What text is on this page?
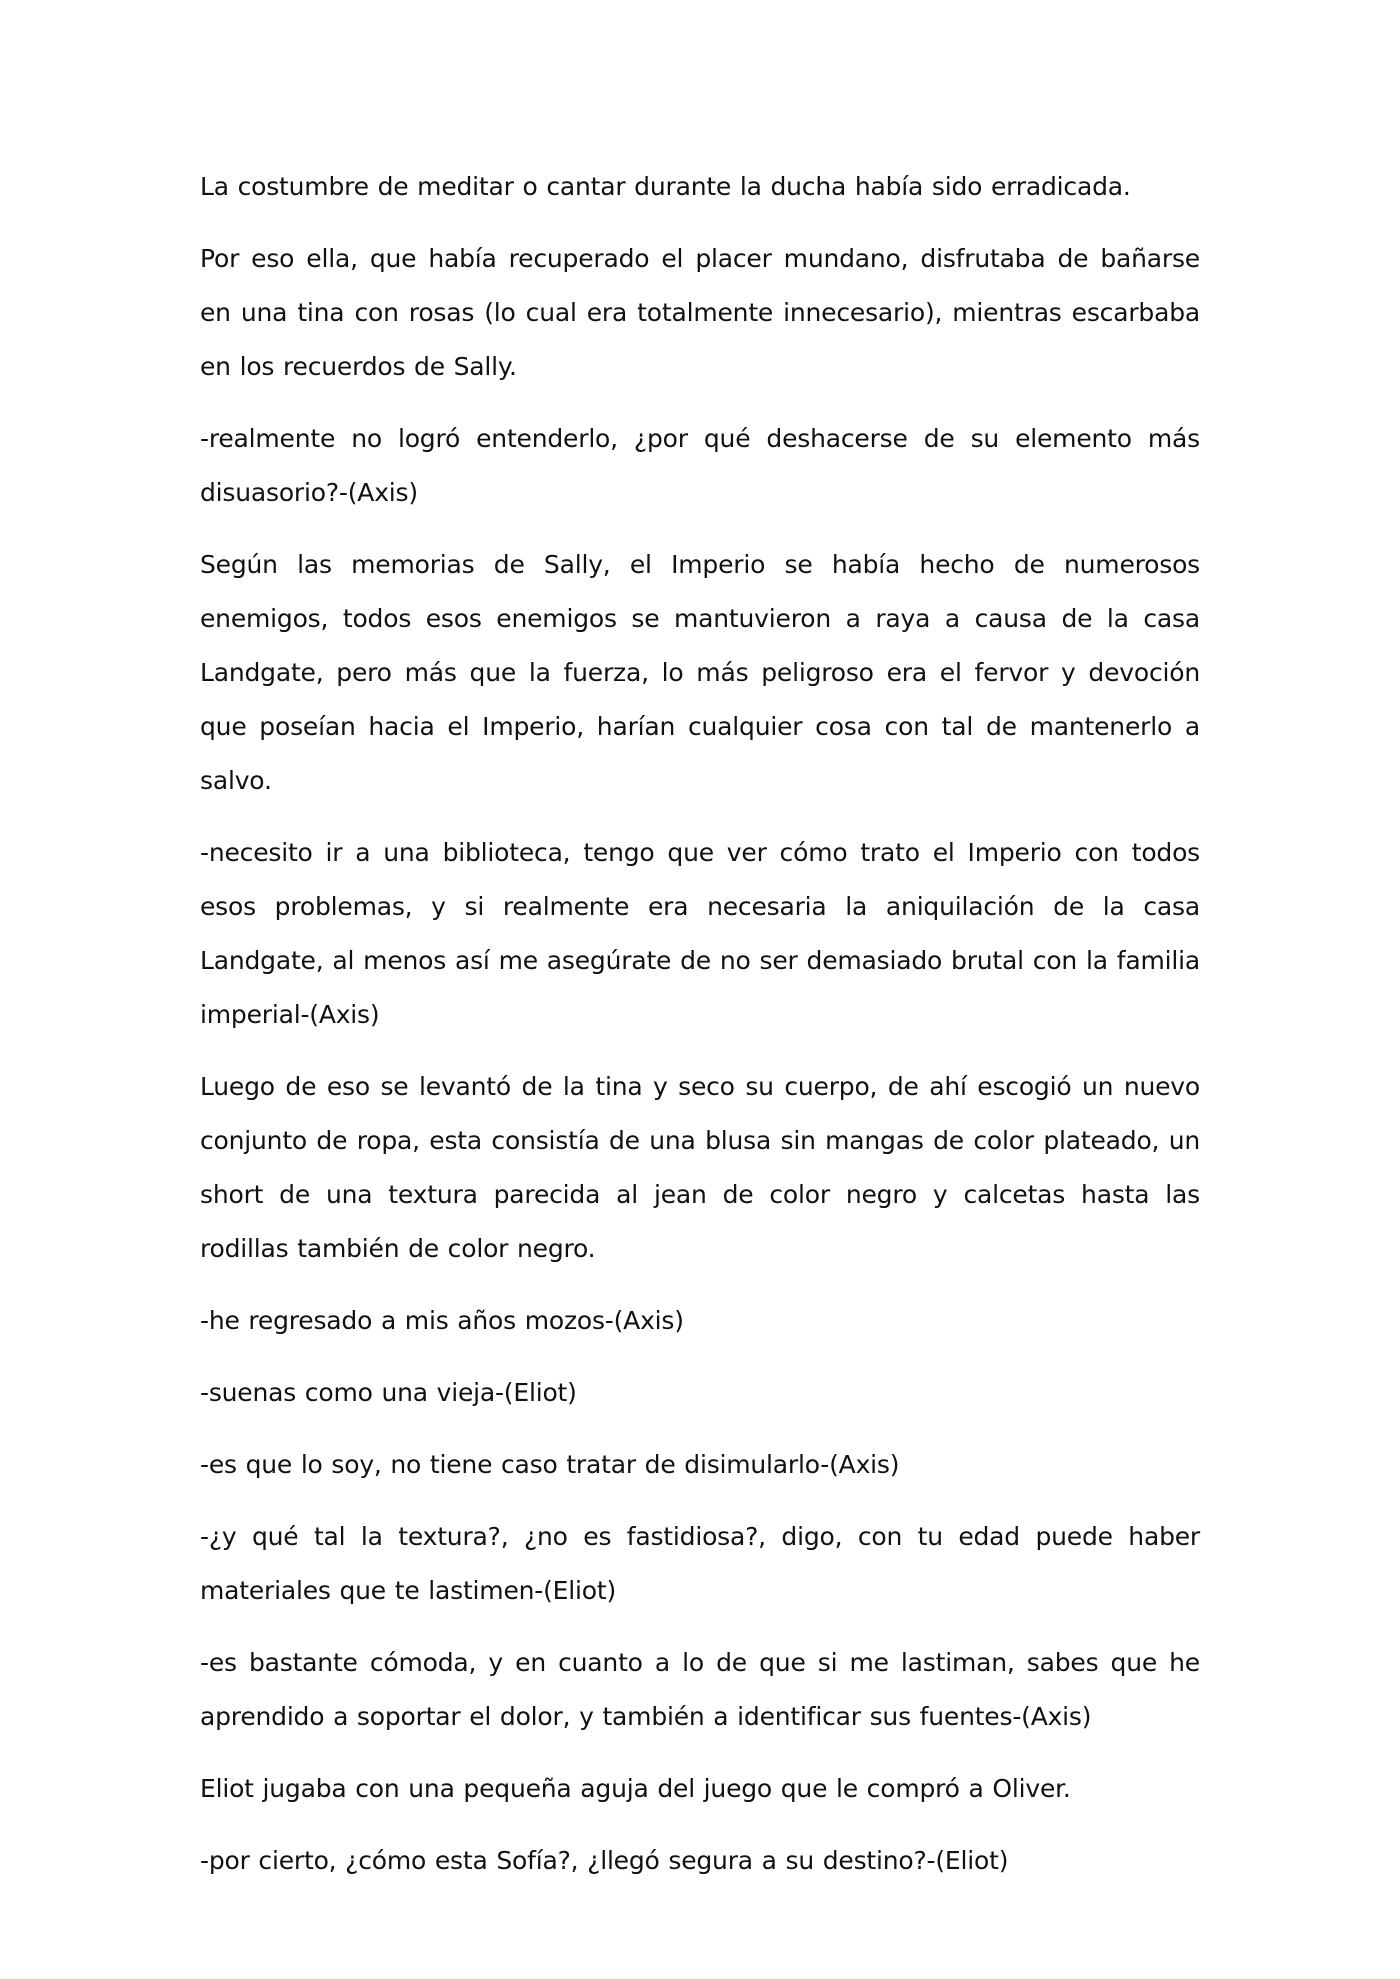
La costumbre de meditar o cantar durante la ducha había sido erradicada.

Por eso ella, que había recuperado el placer mundano, disfrutaba de bañarse en una tina con rosas (lo cual era totalmente innecesario), mientras escarbaba en los recuerdos de Sally.

-realmente no logró entenderlo, ¿por qué deshacerse de su elemento más disuasorio?-(Axis)

Según las memorias de Sally, el Imperio se había hecho de numerosos enemigos, todos esos enemigos se mantuvieron a raya a causa de la casa Landgate, pero más que la fuerza, lo más peligroso era el fervor y devoción que poseían hacia el Imperio, harían cualquier cosa con tal de mantenerlo a salvo.

-necesito ir a una biblioteca, tengo que ver cómo trato el Imperio con todos esos problemas, y si realmente era necesaria la aniquilación de la casa Landgate, al menos así me asegúrate de no ser demasiado brutal con la familia imperial-(Axis)

Luego de eso se levantó de la tina y seco su cuerpo, de ahí escogió un nuevo conjunto de ropa, esta consistía de una blusa sin mangas de color plateado, un short de una textura parecida al jean de color negro y calcetas hasta las rodillas también de color negro.

-he regresado a mis años mozos-(Axis)

-suenas como una vieja-(Eliot)

-es que lo soy, no tiene caso tratar de disimularlo-(Axis)

-¿y qué tal la textura?, ¿no es fastidiosa?, digo, con tu edad puede haber materiales que te lastimen-(Eliot)

-es bastante cómoda, y en cuanto a lo de que si me lastiman, sabes que he aprendido a soportar el dolor, y también a identificar sus fuentes-(Axis)

Eliot jugaba con una pequeña aguja del juego que le compró a Oliver.

-por cierto, ¿cómo esta Sofía?, ¿llegó segura a su destino?-(Eliot)
